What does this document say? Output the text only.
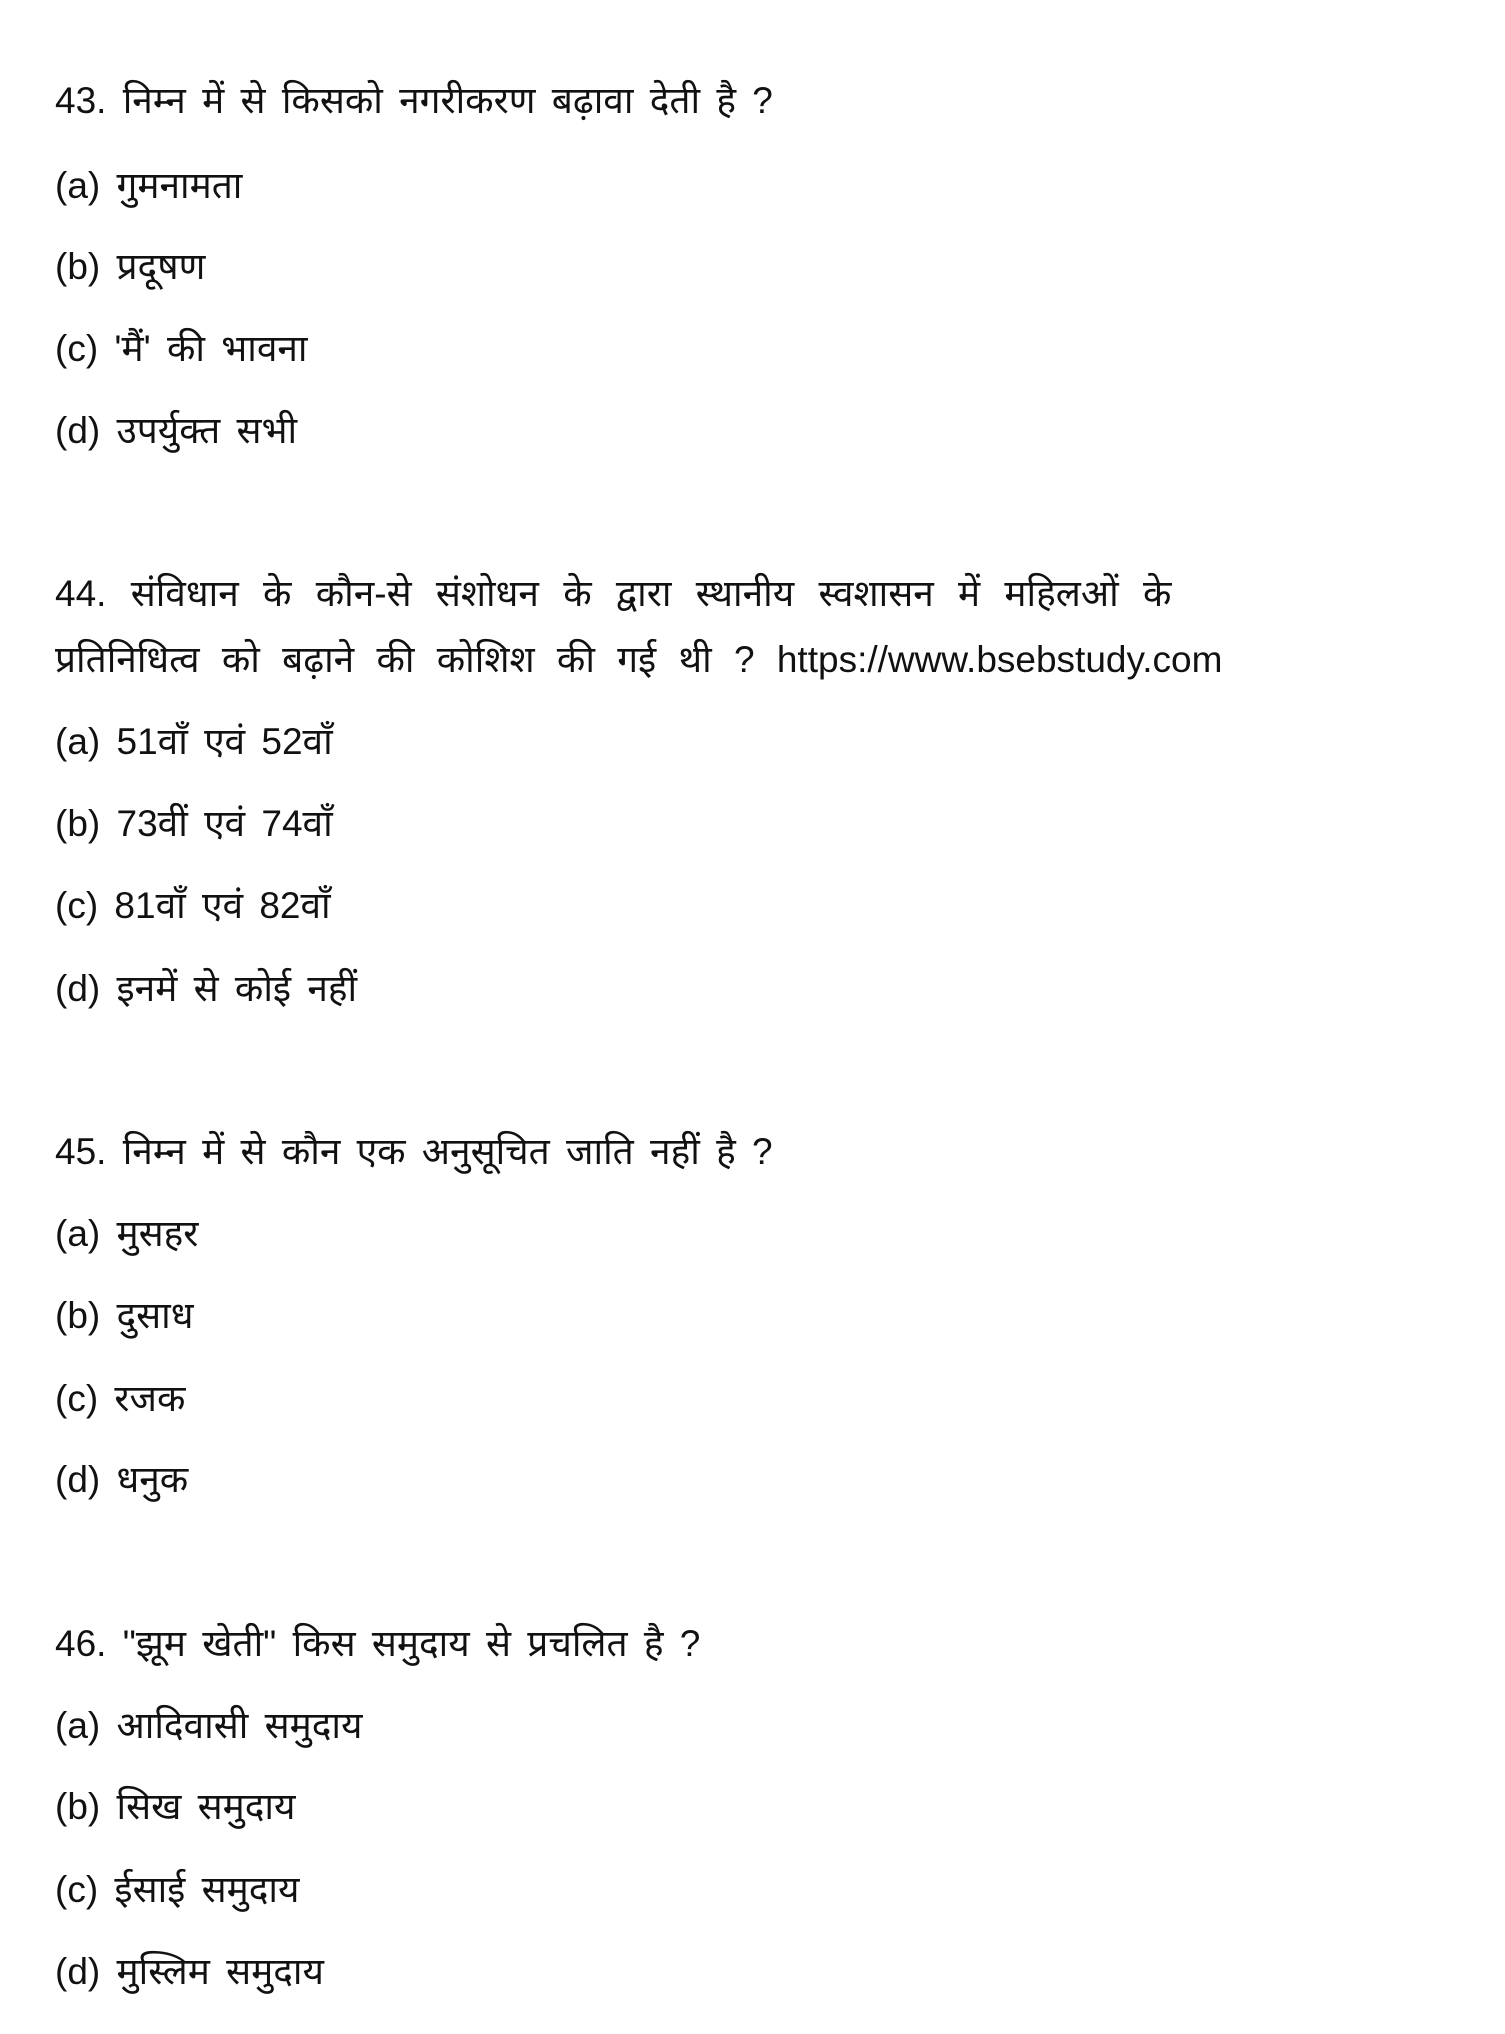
43. निम्न में से किसको नगरीकरण बढ़ावा देती है ?
(a) गुमनामता
(b) प्रदूषण
(c) 'मैं' की भावना
(d) उपर्युक्त सभी
44. संविधान के कौन-से संशोधन के द्वारा स्थानीय स्वशासन में महिलओं के
प्रतिनिधित्व को बढ़ाने की कोशिश की गई थी ? https://www.bsebstudy.com
(a) 51वाँ एवं 52वाँ
(b) 73वीं एवं 74वाँ
(c) 81वाँ एवं 82वाँ
(d) इनमें से कोई नहीं
45. निम्न में से कौन एक अनुसूचित जाति नहीं है ?
(a) मुसहर
(b) दुसाध
(c) रजक
(d) धनुक
46. "झूम खेती" किस समुदाय से प्रचलित है ?
(a) आदिवासी समुदाय
(b) सिख समुदाय
(c) ईसाई समुदाय
(d) मुस्लिम समुदाय
